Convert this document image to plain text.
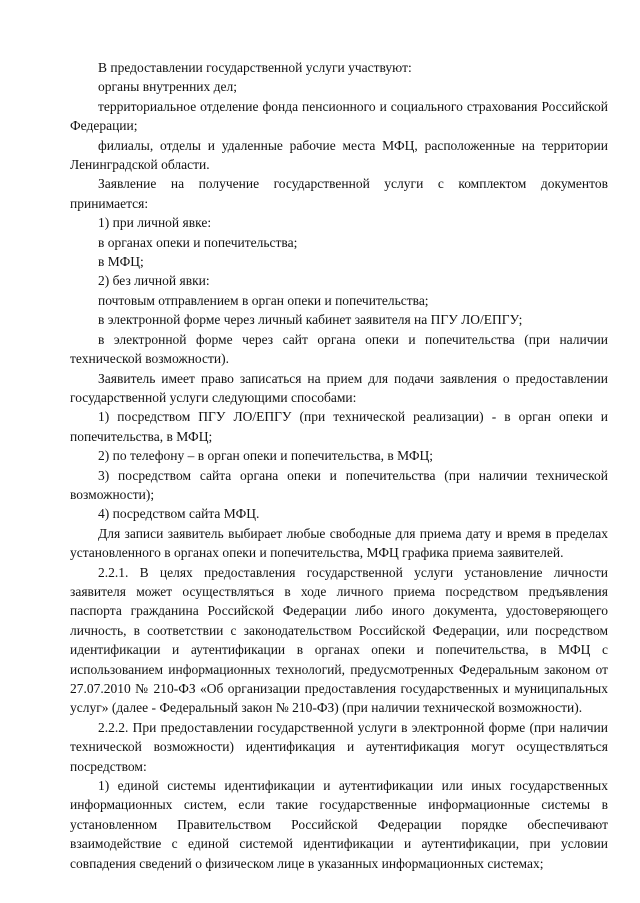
В предоставлении государственной услуги участвуют:

органы внутренних дел;

территориальное отделение фонда пенсионного и социального страхования Российской Федерации;

филиалы, отделы и удаленные рабочие места МФЦ, расположенные на территории Ленинградской области.

Заявление на получение государственной услуги с комплектом документов принимается:

1) при личной явке:

в органах опеки и попечительства;

в МФЦ;

2) без личной явки:

почтовым отправлением в орган опеки и попечительства;

в электронной форме через личный кабинет заявителя на ПГУ ЛО/ЕПГУ;

в электронной форме через сайт органа опеки и попечительства (при наличии технической возможности).

Заявитель имеет право записаться на прием для подачи заявления о предоставлении государственной услуги следующими способами:

1) посредством ПГУ ЛО/ЕПГУ (при технической реализации) - в орган опеки и попечительства, в МФЦ;

2) по телефону – в орган опеки и попечительства, в МФЦ;

3) посредством сайта органа опеки и попечительства (при наличии технической возможности);

4) посредством сайта МФЦ.

Для записи заявитель выбирает любые свободные для приема дату и время в пределах установленного в органах опеки и попечительства, МФЦ графика приема заявителей.

2.2.1. В целях предоставления государственной услуги установление личности заявителя может осуществляться в ходе личного приема посредством предъявления паспорта гражданина Российской Федерации либо иного документа, удостоверяющего личность, в соответствии с законодательством Российской Федерации, или посредством идентификации и аутентификации в органах опеки и попечительства, в МФЦ с использованием информационных технологий, предусмотренных Федеральным законом от 27.07.2010 № 210-ФЗ «Об организации предоставления государственных и муниципальных услуг» (далее - Федеральный закон № 210-ФЗ) (при наличии технической возможности).

2.2.2. При предоставлении государственной услуги в электронной форме (при наличии технической возможности) идентификация и аутентификация могут осуществляться посредством:

1) единой системы идентификации и аутентификации или иных государственных информационных систем, если такие государственные информационные системы в установленном Правительством Российской Федерации порядке обеспечивают взаимодействие с единой системой идентификации и аутентификации, при условии совпадения сведений о физическом лице в указанных информационных системах;
